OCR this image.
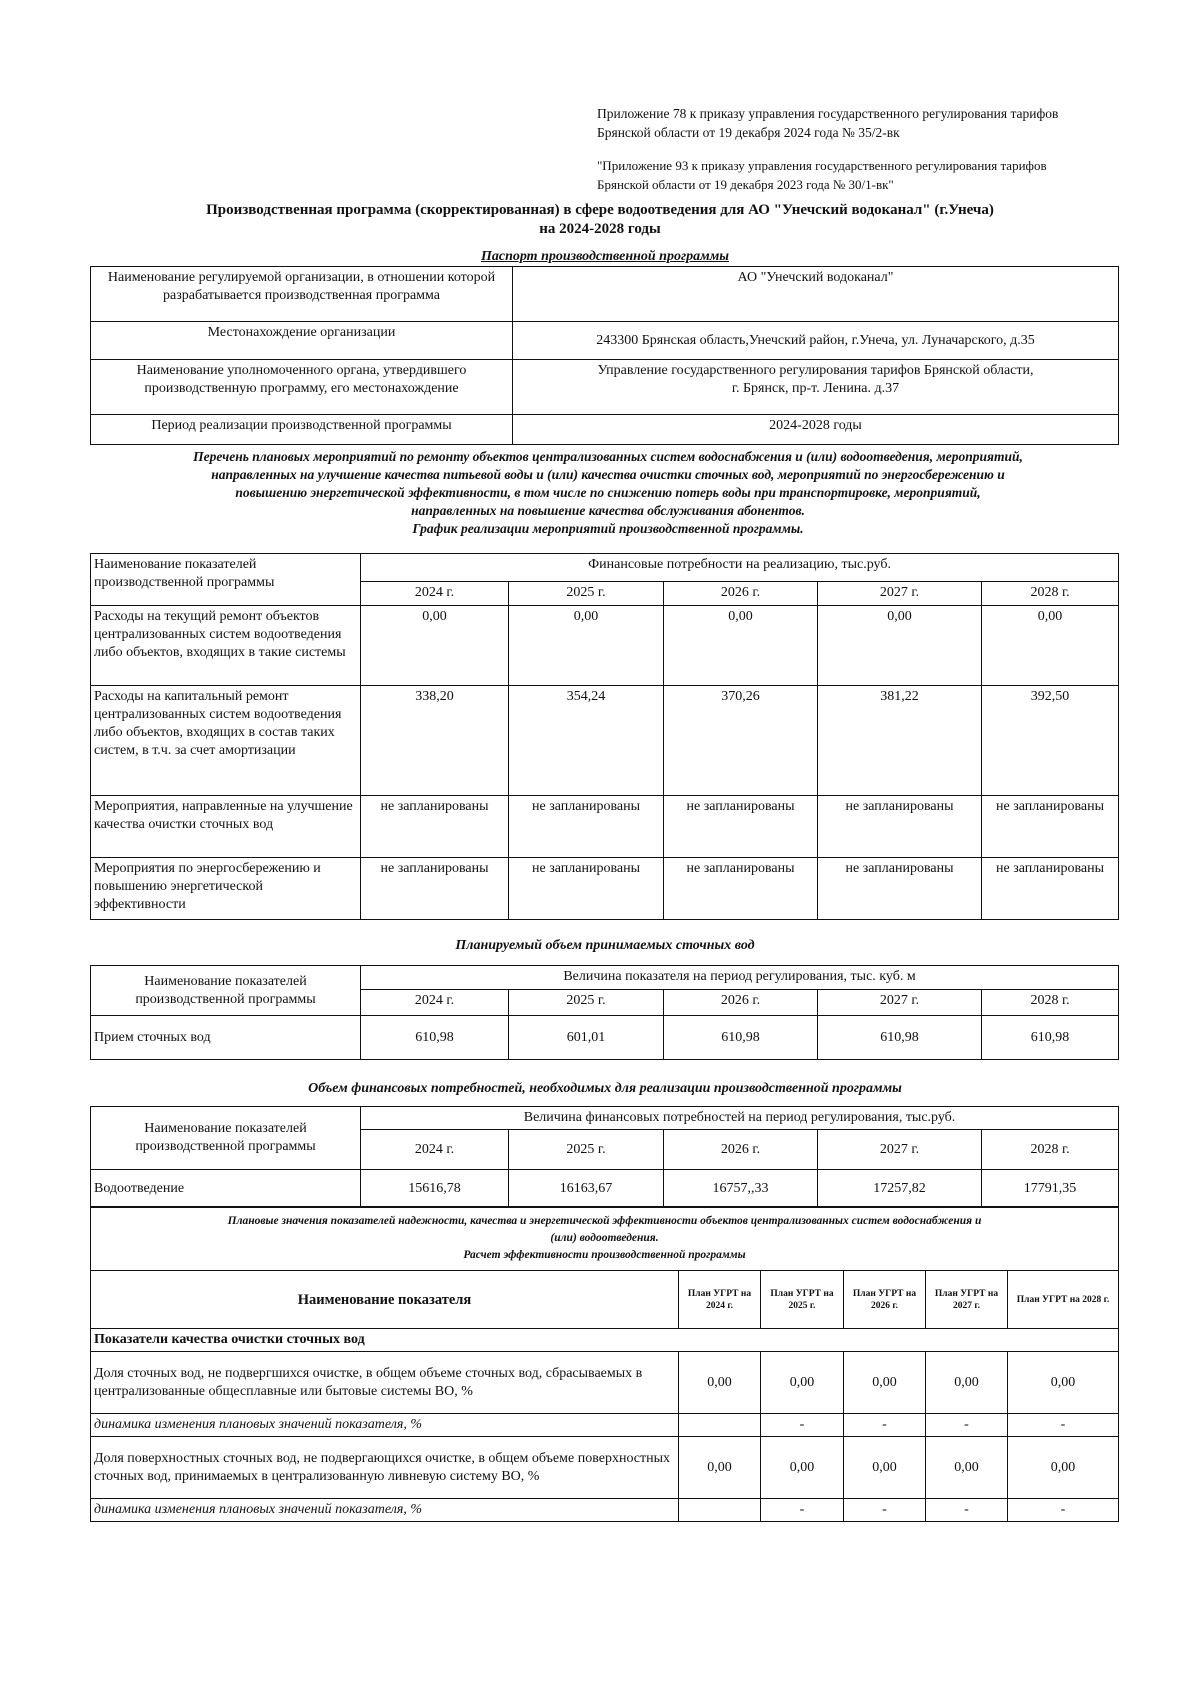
Приложение 78 к приказу управления государственного регулирования тарифов
Брянской области от 19 декабря 2024 года № 35/2-вк
"Приложение 93 к приказу управления государственного регулирования тарифов
Брянской области от 19 декабря 2023 года № 30/1-вк"
Производственная программа (скорректированная) в сфере водоотведения для АО "Унечский водоканал" (г.Унеча)
на 2024-2028 годы
Паспорт производственной программы
Наименование регулируемой организации, в отношении которой разрабатывается производственная программа	АО "Унечский водоканал"
Местонахождение организации	243300 Брянская область,Унечский район, г.Унеча, ул. Луначарского, д.35
Наименование уполномоченного органа, утвердившего производственную программу, его местонахождение	Управление государственного регулирования тарифов Брянской области,
г. Брянск, пр-т. Ленина. д.37

Период реализации производственной программы	2024-2028 годы
Перечень плановых мероприятий по ремонту объектов централизованных систем водоснабжения и (или) водоотведения, мероприятий,
направленных на улучшение качества питьевой воды и (или) качества очистки сточных вод, мероприятий по энергосбережению и
повышению энергетической эффективности, в том числе по снижению потерь воды при транспортировке, мероприятий,
направленных на повышение качества обслуживания абонентов.
График реализации мероприятий производственной программы.
Наименование показателей производственной программы	Финансовые потребности на реализацию, тыс.руб.				
	2024 г.	2025 г.	2026 г.	2027 г.	2028 г.
Расходы на текущий ремонт объектов централизованных систем водоотведения либо объектов, входящих в такие системы	0,00	0,00	0,00	0,00	0,00
Расходы на капитальный ремонт централизованных систем водоотведения либо объектов, входящих в состав таких систем, в т.ч. за счет амортизации	338,20	354,24	370,26	381,22	392,50
Мероприятия, направленные на улучшение качества очистки сточных вод	не запланированы	не запланированы	не запланированы	не запланированы	не запланированы
Мероприятия по энергосбережению и повышению энергетической эффективности	не запланированы	не запланированы	не запланированы	не запланированы	не запланированы
Планируемый объем принимаемых сточных вод
Наименование показателей производственной программы	Величина показателя на период регулирования, тыс. куб. м				
	2024 г.	2025 г.	2026 г.	2027 г.	2028 г.
Прием сточных вод	610,98	601,01	610,98	610,98	610,98
Объем финансовых потребностей, необходимых для реализации производственной программы
Наименование показателей производственной программы	Величина финансовых потребностей на период регулирования, тыс.руб.				
	2024 г.	2025 г.	2026 г.	2027 г.	2028 г.
Водоотведение	15616,78	16163,67	16757,,33	17257,82	17791,35
Плановые значения показателей надежности, качества и энергетической эффективности объектов централизованных систем водоснабжения и
(или) водоотведения.
Расчет эффективности производственной программы					

Наименование показателя	План УГРТ на 2024 г.	План УГРТ на 2025 г.	План УГРТ на 2026 г.	План УГРТ на 2027 г.	План УГРТ на 2028 г.
Показатели качества очистки сточных вод					
Доля сточных вод, не подвергшихся очистке, в общем объеме сточных вод, сбрасываемых в централизованные общесплавные или бытовые системы ВО, %	0,00	0,00	0,00	0,00	0,00
динамика изменения плановых значений показателя, %		-	-	-	-
Доля поверхностных сточных вод, не подвергающихся очистке, в общем объеме поверхностных сточных вод, принимаемых в централизованную ливневую систему ВО, %	0,00	0,00	0,00	0,00	0,00
динамика изменения плановых значений показателя, %		-	-	-	-
